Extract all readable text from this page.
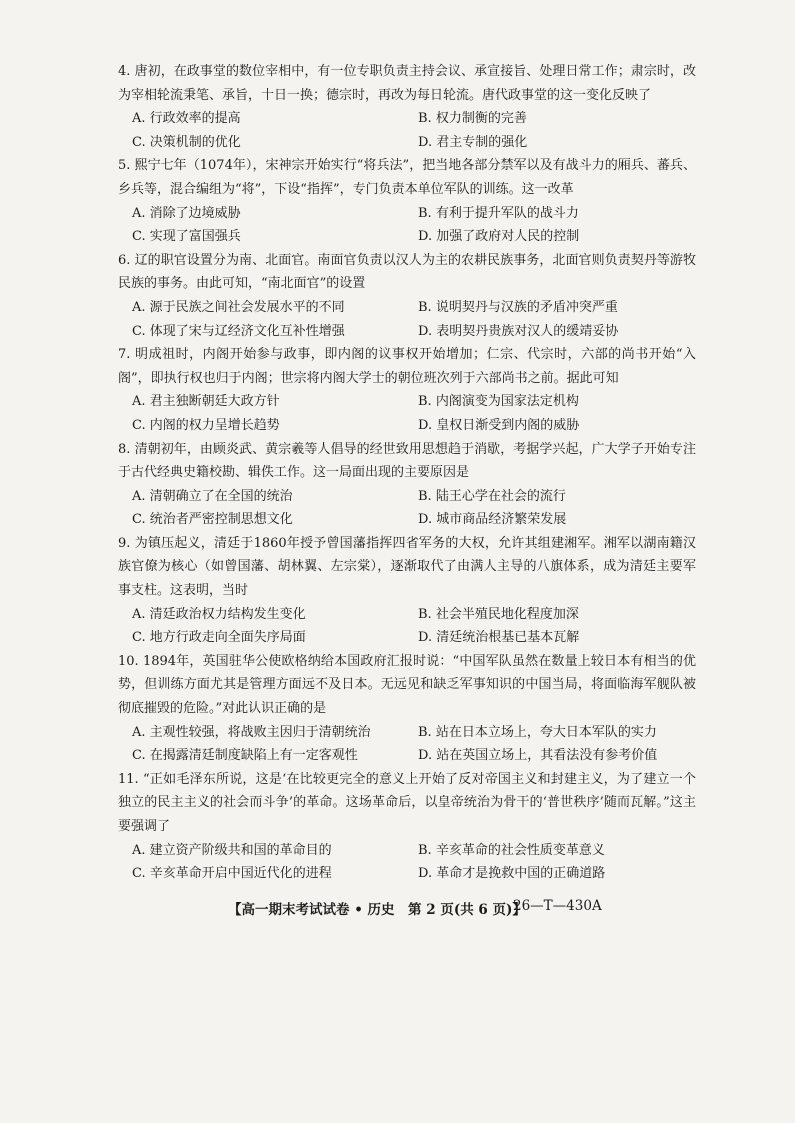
4. 唐初，在政事堂的数位宰相中，有一位专职负责主持会议、承宣接旨、处理日常工作；肃宗时，改为宰相轮流秉笔、承旨，十日一换；德宗时，再改为每日轮流。唐代政事堂的这一变化反映了
A. 行政效率的提高	B. 权力制衡的完善
C. 决策机制的优化	D. 君主专制的强化
5. 熙宁七年（1074年），宋神宗开始实行“将兵法”，把当地各部分禁军以及有战斗力的厢兵、蕃兵、乡兵等，混合编组为“将”，下设“指挥”，专门负责本单位军队的训练。这一改革
A. 消除了边境威胁	B. 有利于提升军队的战斗力
C. 实现了富国强兵	D. 加强了政府对人民的控制
6. 辽的职官设置分为南、北面官。南面官负责以汉人为主的农耕民族事务，北面官则负责契丹等游牧民族的事务。由此可知，“南北面官”的设置
A. 源于民族之间社会发展水平的不同	B. 说明契丹与汉族的矛盾冲突严重
C. 体现了宋与辽经济文化互补性增强	D. 表明契丹贵族对汉人的缓靖妥协
7. 明成祖时，内阁开始参与政事，即内阁的议事权开始增加；仁宗、代宗时，六部的尚书开始“入阁”，即执行权也归于内阁；世宗将内阁大学士的朝位班次列于六部尚书之前。据此可知
A. 君主独断朝廷大政方针	B. 内阁演变为国家法定机构
C. 内阁的权力呈增长趋势	D. 皇权日渐受到内阁的威胁
8. 清朝初年，由顾炎武、黄宗羲等人倡导的经世致用思想趋于消歇，考据学兴起，广大学子开始专注于古代经典史籍校勘、辑佚工作。这一局面出现的主要原因是
A. 清朝确立了在全国的统治	B. 陆王心学在社会的流行
C. 统治者严密控制思想文化	D. 城市商品经济繁荣发展
9. 为镇压起义，清廷于1860年授予曾国藩指挥四省军务的大权，允许其组建湘军。湘军以湖南籍汉族官僚为核心（如曾国藩、胡林翼、左宗棠），逐渐取代了由满人主导的八旗体系，成为清廷主要军事支柱。这表明，当时
A. 清廷政治权力结构发生变化	B. 社会半殖民地化程度加深
C. 地方行政走向全面失序局面	D. 清廷统治根基已基本瓦解
10. 1894年，英国驻华公使欧格纳给本国政府汇报时说：“中国军队虽然在数量上较日本有相当的优势，但训练方面尤其是管理方面远不及日本。无远见和缺乏军事知识的中国当局，将面临海军舰队被彻底摧毁的危险。”对此认识正确的是
A. 主观性较强，将战败主因归于清朝统治	B. 站在日本立场上，夸大日本军队的实力
C. 在揭露清廷制度缺陷上有一定客观性	D. 站在英国立场上，其看法没有参考价值
11. “正如毛泽东所说，这是‘在比较更完全的意义上开始了反对帝国主义和封建主义，为了建立一个独立的民主主义的社会而斗争’的革命。这场革命后，以皇帝统治为骨干的‘普世秩序’随而瓦解。”这主要强调了
A. 建立资产阶级共和国的革命目的	B. 辛亥革命的社会性质变革意义
C. 辛亥革命开启中国近代化的进程	D. 革命才是挽救中国的正确道路
【高一期末考试试卷 • 历史　第 2 页(共 6 页)】
26—T—430A
